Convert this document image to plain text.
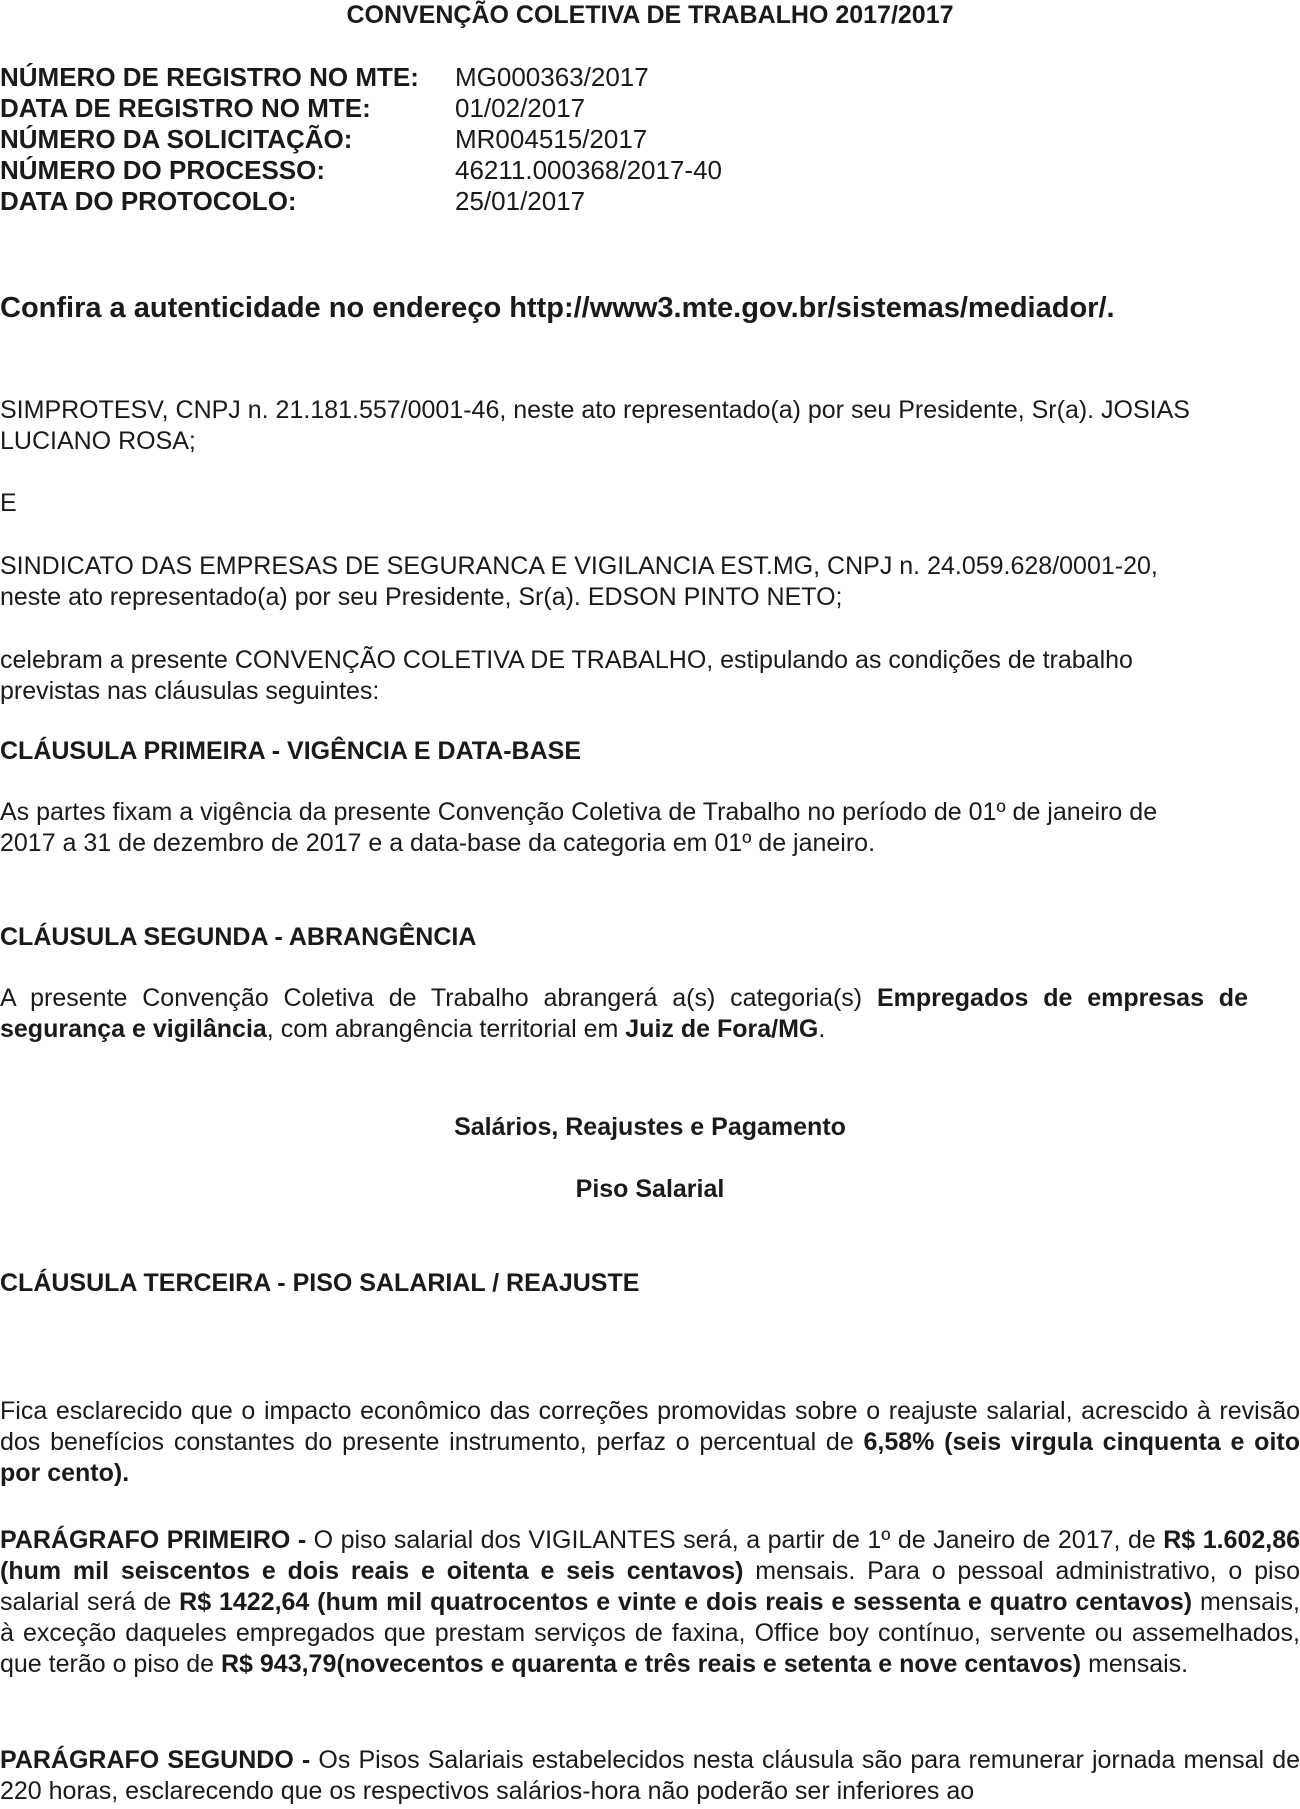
CONVENÇÃO COLETIVA DE TRABALHO 2017/2017
NÚMERO DE REGISTRO NO MTE: MG000363/2017
DATA DE REGISTRO NO MTE:	01/02/2017
NÚMERO DA SOLICITAÇÃO:	MR004515/2017
NÚMERO DO PROCESSO:	46211.000368/2017-40
DATA DO PROTOCOLO:	25/01/2017
Confira a autenticidade no endereço http://www3.mte.gov.br/sistemas/mediador/.
SIMPROTESV, CNPJ n. 21.181.557/0001-46, neste ato representado(a) por seu Presidente, Sr(a). JOSIAS
LUCIANO ROSA;
E
SINDICATO DAS EMPRESAS DE SEGURANCA E VIGILANCIA EST.MG, CNPJ n. 24.059.628/0001-20,
neste ato representado(a) por seu Presidente, Sr(a). EDSON PINTO NETO;
celebram a presente CONVENÇÃO COLETIVA DE TRABALHO, estipulando as condições de trabalho
previstas nas cláusulas seguintes:
CLÁUSULA PRIMEIRA - VIGÊNCIA E DATA-BASE
As partes fixam a vigência da presente Convenção Coletiva de Trabalho no período de 01º de janeiro de
2017 a 31 de dezembro de 2017 e a data-base da categoria em 01º de janeiro.
CLÁUSULA SEGUNDA - ABRANGÊNCIA
A presente Convenção Coletiva de Trabalho abrangerá a(s) categoria(s) Empregados de empresas de segurança e vigilância, com abrangência territorial em Juiz de Fora/MG.
Salários, Reajustes e Pagamento
Piso Salarial
CLÁUSULA TERCEIRA - PISO SALARIAL / REAJUSTE
Fica esclarecido que o impacto econômico das correções promovidas sobre o reajuste salarial, acrescido à revisão dos benefícios constantes do presente instrumento, perfaz o percentual de 6,58% (seis virgula cinquenta e oito por cento).
PARÁGRAFO PRIMEIRO - O piso salarial dos VIGILANTES será, a partir de 1º de Janeiro de 2017, de R$ 1.602,86 (hum mil seiscentos e dois reais e oitenta e seis centavos) mensais. Para o pessoal administrativo, o piso salarial será de R$ 1422,64 (hum mil quatrocentos e vinte e dois reais e sessenta e quatro centavos) mensais, à exceção daqueles empregados que prestam serviços de faxina, Office boy contínuo, servente ou assemelhados, que terão o piso de R$ 943,79(novecentos e quarenta e três reais e setenta e nove centavos) mensais.
PARÁGRAFO SEGUNDO - Os Pisos Salariais estabelecidos nesta cláusula são para remunerar jornada mensal de 220 horas, esclarecendo que os respectivos salários-hora não poderão ser inferiores ao
